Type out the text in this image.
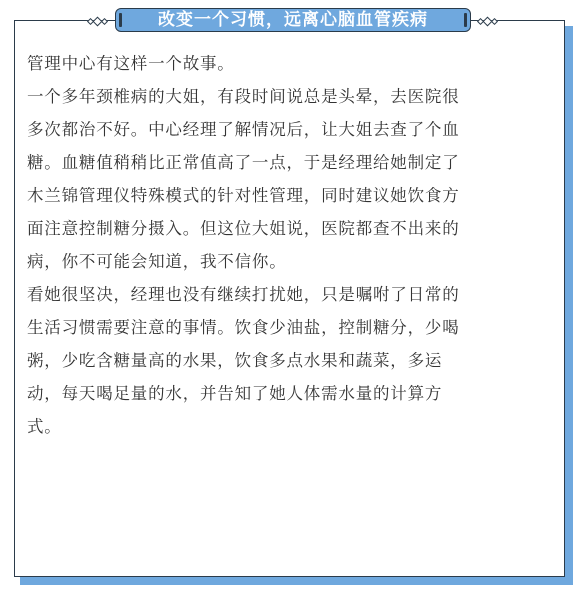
改变一个习惯，远离心脑血管疾病

管理中心有这样一个故事。

一个多年颈椎病的大姐，有段时间说总是头晕，去医院很

多次都治不好。中心经理了解情况后，让大姐去查了个血

糖。血糖值稍稍比正常值高了一点，于是经理给她制定了

木兰锦管理仪特殊模式的针对性管理，同时建议她饮食方

面注意控制糖分摄入。但这位大姐说，医院都查不出来的

病，你不可能会知道，我不信你。

看她很坚决，经理也没有继续打扰她，只是嘱咐了日常的

生活习惯需要注意的事情。饮食少油盐，控制糖分，少喝

粥，少吃含糖量高的水果，饮食多点水果和蔬菜，多运

动，每天喝足量的水，并告知了她人体需水量的计算方

式。
